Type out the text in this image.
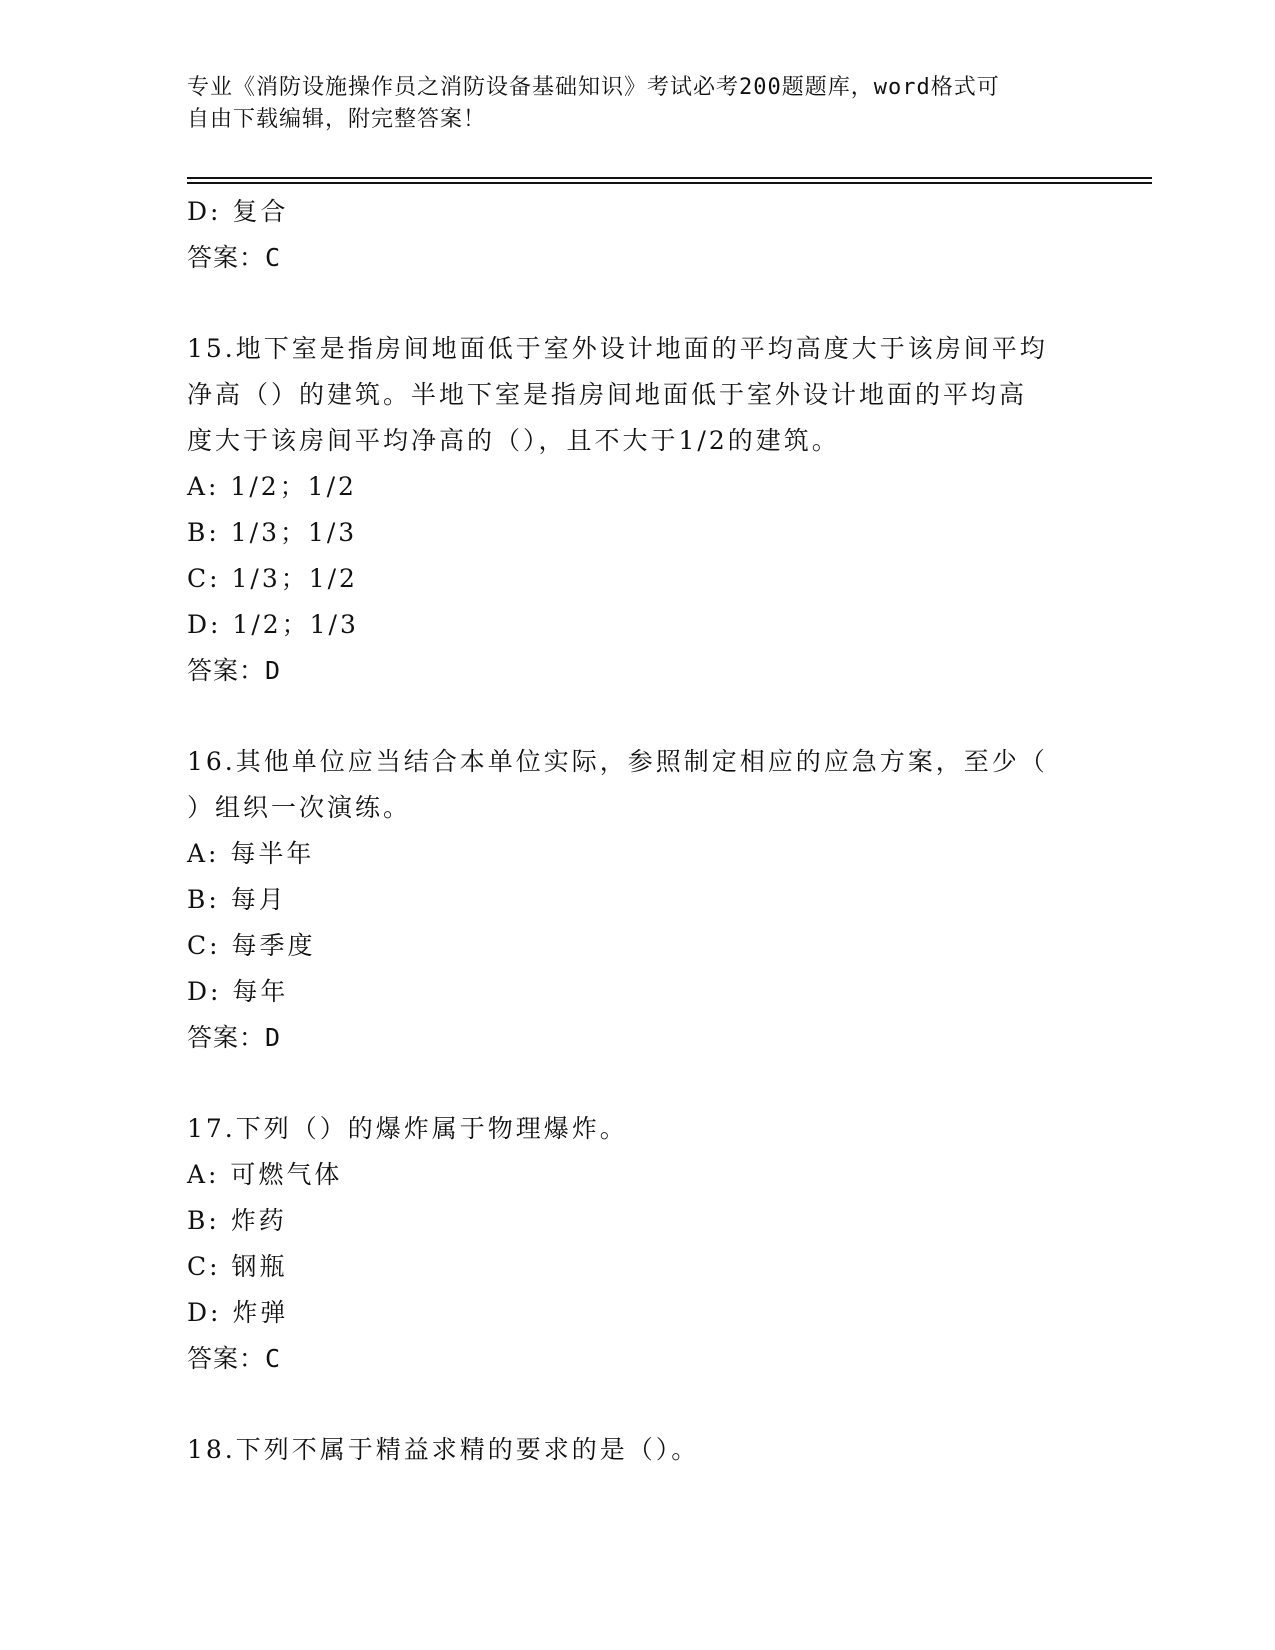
专业《消防设施操作员之消防设备基础知识》考试必考200题题库，word格式可
自由下载编辑，附完整答案！
D: 复合
答案：C
15.地下室是指房间地面低于室外设计地面的平均高度大于该房间平均
净高（）的建筑。半地下室是指房间地面低于室外设计地面的平均高
度大于该房间平均净高的（），且不大于1/2的建筑。
A: 1/2；1/2
B: 1/3；1/3
C: 1/3；1/2
D: 1/2；1/3
答案：D
16.其他单位应当结合本单位实际，参照制定相应的应急方案，至少（
）组织一次演练。
A: 每半年
B: 每月
C: 每季度
D: 每年
答案：D
17.下列（）的爆炸属于物理爆炸。
A: 可燃气体
B: 炸药
C: 钢瓶
D: 炸弹
答案：C
18.下列不属于精益求精的要求的是（）。
